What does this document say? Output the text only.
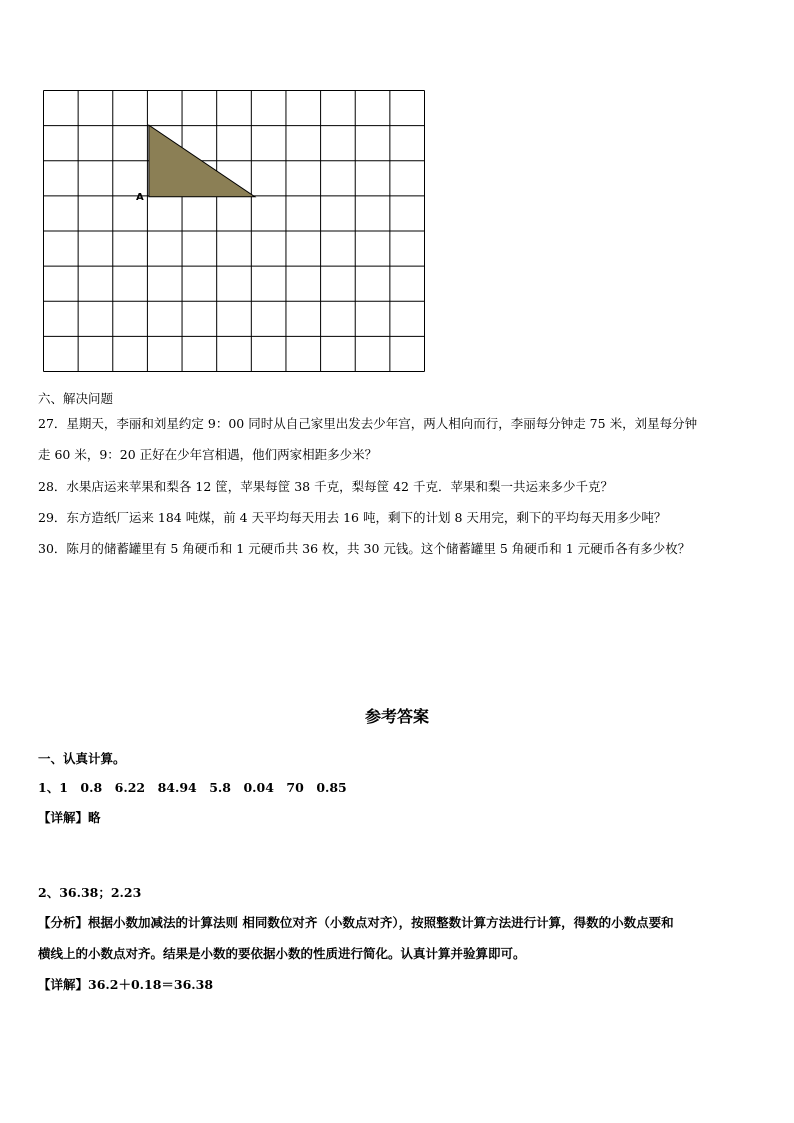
A
六、解决问题
27．星期天，李丽和刘星约定 9：00 同时从自己家里出发去少年宫，两人相向而行，李丽每分钟走 75 米，刘星每分钟
走 60 米，9：20 正好在少年宫相遇，他们两家相距多少米？
28．水果店运来苹果和梨各 12 筐，苹果每筐 38 千克，梨每筐 42 千克．苹果和梨一共运来多少千克？
29．东方造纸厂运来 184 吨煤，前 4 天平均每天用去 16 吨，剩下的计划 8 天用完，剩下的平均每天用多少吨？
30．陈月的储蓄罐里有 5 角硬币和 1 元硬币共 36 枚，共 30 元钱。这个储蓄罐里 5 角硬币和 1 元硬币各有多少枚？
参考答案
一、认真计算。
1、1　0.8　6.22　84.94　5.8　0.04　70　0.85
【详解】略
2、36.38；2.23
【分析】根据小数加减法的计算法则 相同数位对齐（小数点对齐），按照整数计算方法进行计算，得数的小数点要和
横线上的小数点对齐。结果是小数的要依据小数的性质进行简化。认真计算并验算即可。
【详解】36.2＋0.18＝36.38
